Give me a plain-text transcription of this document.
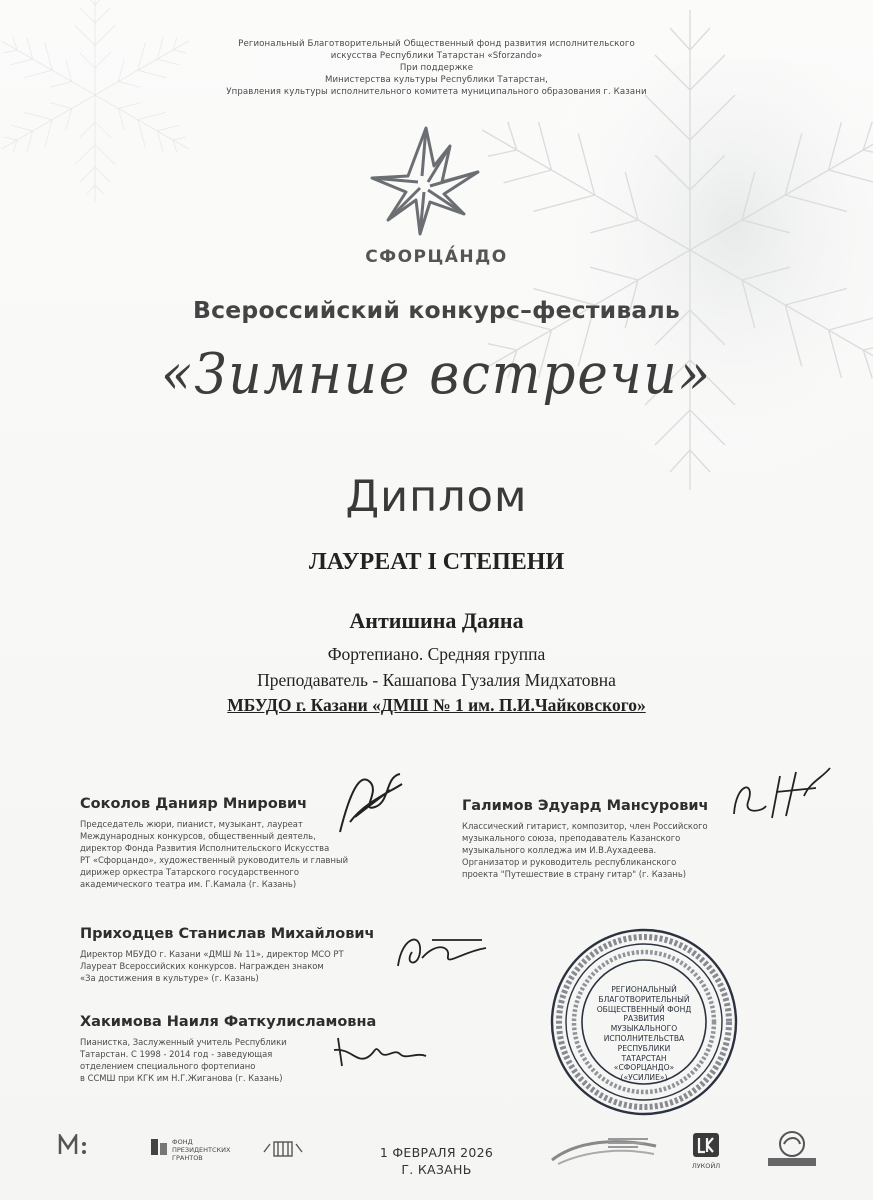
Региональный Благотворительный Общественный фонд развития исполнительского
искусства Республики Татарстан «Sforzando»
При поддержке
Министерства культуры Республики Татарстан,
Управления культуры исполнительного комитета муниципального образования г. Казани
СФОРЦА́НДО
Всероссийский конкурс–фестиваль
«Зимние встречи»
Диплом
ЛАУРЕАТ I СТЕПЕНИ
Антишина Даяна
Фортепиано. Средняя группа
Преподаватель - Кашапова Гузалия Мидхатовна
МБУДО г. Казани «ДМШ № 1 им. П.И.Чайковского»
Соколов Данияр Мнирович
Председатель жюри, пианист, музыкант, лауреат
Международных конкурсов, общественный деятель,
директор Фонда Развития Исполнительского Искусства
РТ «Сфорцандо», художественный руководитель и главный
дирижер оркестра Татарского государственного
академического театра им. Г.Камала (г. Казань)
Галимов Эдуард Мансурович
Классический гитарист, композитор, член Российского
музыкального союза, преподаватель Казанского
музыкального колледжа им И.В.Аухадеева.
Организатор и руководитель республиканского
проекта "Путешествие в страну гитар" (г. Казань)
Приходцев Станислав Михайлович
Директор МБУДО г. Казани «ДМШ № 11», директор МСО РТ
Лауреат Всероссийских конкурсов. Награжден знаком
«За достижения в культуре» (г. Казань)
Хакимова Наиля Фаткулисламовна
Пианистка, Заслуженный учитель Республики
Татарстан. С 1998 - 2014 год - заведующая
отделением специального фортепиано
в ССМШ при КГК им Н.Г.Жиганова (г. Казань)
РЕГИОНАЛЬНЫЙ
БЛАГОТВОРИТЕЛЬНЫЙ
ОБЩЕСТВЕННЫЙ ФОНД
РАЗВИТИЯ МУЗЫКАЛЬНОГО
ИСПОЛНИТЕЛЬСТВА
РЕСПУБЛИКИ ТАТАРСТАН
«СФОРЦАНДО»
(«УСИЛИЕ»)
1 ФЕВРАЛЯ 2026
Г. КАЗАНЬ
ФОНД ПРЕЗИДЕНТСКИХ ГРАНТОВ
ЛУКОЙЛ
